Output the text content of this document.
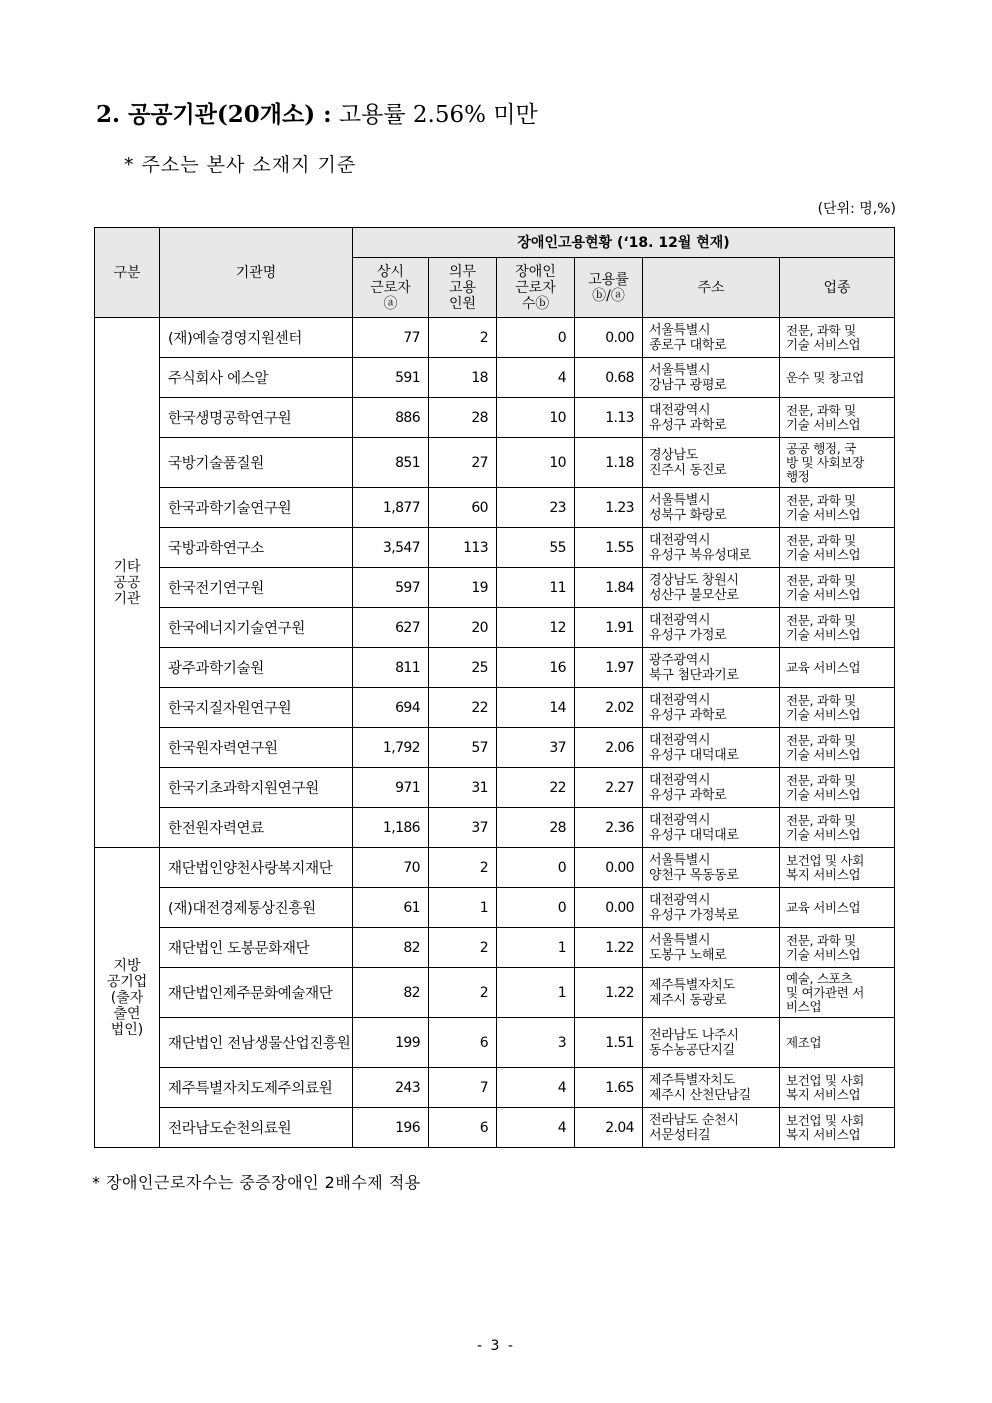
2. 공공기관(20개소) : 고용률 2.56% 미만
* 주소는 본사 소재지 기준
(단위: 명,%)
구분	기관명	장애인고용현황 (‘18. 12월 현재)					
		상시
근로자
ⓐ	의무
고용
인원	장애인
근로자
수ⓑ	고용률
ⓑ/ⓐ	주소	업종
기타
공공
기관	(재)예술경영지원센터	77	2	0	0.00	서울특별시
종로구 대학로	전문, 과학 및
기술 서비스업
	주식회사 에스알	591	18	4	0.68	서울특별시
강남구 광평로	운수 및 창고업
	한국생명공학연구원	886	28	10	1.13	대전광역시
유성구 과학로	전문, 과학 및
기술 서비스업
	국방기술품질원	851	27	10	1.18	경상남도
진주시 동진로	공공 행정, 국
방 및 사회보장
행정
	한국과학기술연구원	1,877	60	23	1.23	서울특별시
성북구 화랑로	전문, 과학 및
기술 서비스업
	국방과학연구소	3,547	113	55	1.55	대전광역시
유성구 북유성대로	전문, 과학 및
기술 서비스업
	한국전기연구원	597	19	11	1.84	경상남도 창원시
성산구 불모산로	전문, 과학 및
기술 서비스업
	한국에너지기술연구원	627	20	12	1.91	대전광역시
유성구 가정로	전문, 과학 및
기술 서비스업
	광주과학기술원	811	25	16	1.97	광주광역시
북구 첨단과기로	교육 서비스업
	한국지질자원연구원	694	22	14	2.02	대전광역시
유성구 과학로	전문, 과학 및
기술 서비스업
	한국원자력연구원	1,792	57	37	2.06	대전광역시
유성구 대덕대로	전문, 과학 및
기술 서비스업
	한국기초과학지원연구원	971	31	22	2.27	대전광역시
유성구 과학로	전문, 과학 및
기술 서비스업
	한전원자력연료	1,186	37	28	2.36	대전광역시
유성구 대덕대로	전문, 과학 및
기술 서비스업
지방
공기업
(출자
출연
법인)	재단법인양천사랑복지재단	70	2	0	0.00	서울특별시
양천구 목동동로	보건업 및 사회
복지 서비스업
	(재)대전경제통상진흥원	61	1	0	0.00	대전광역시
유성구 가정북로	교육 서비스업
	재단법인 도봉문화재단	82	2	1	1.22	서울특별시
도봉구 노해로	전문, 과학 및
기술 서비스업
	재단법인제주문화예술재단	82	2	1	1.22	제주특별자치도
제주시 동광로	예술, 스포츠
및 여가관련 서
비스업
	재단법인 전남생물산업진흥원	199	6	3	1.51	전라남도 나주시
동수농공단지길	제조업
	제주특별자치도제주의료원	243	7	4	1.65	제주특별자치도
제주시 산천단남길	보건업 및 사회
복지 서비스업
	전라남도순천의료원	196	6	4	2.04	전라남도 순천시
서문성터길	보건업 및 사회
복지 서비스업
* 장애인근로자수는 중증장애인 2배수제 적용
- 3 -
